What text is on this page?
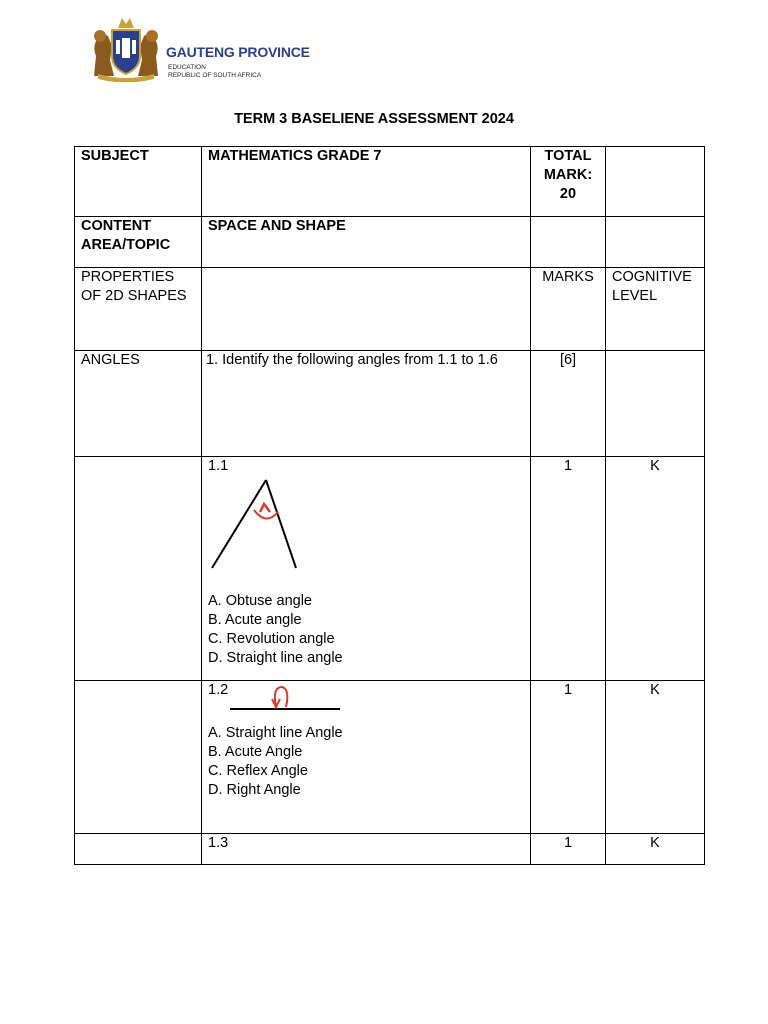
GAUTENG PROVINCE
EDUCATION
REPUBLIC OF SOUTH AFRICA
TERM 3 BASELIENE ASSESSMENT 2024
SUBJECT	MATHEMATICS GRADE 7	TOTAL
MARK:
20	

CONTENT
AREA/TOPIC	SPACE AND SHAPE		

PROPERTIES
OF 2D SHAPES		MARKS	COGNITIVE
LEVEL

ANGLES	1. Identify the following angles from 1.1 to 1.6	[6]	

	1.1
A. Obtuse angle
B. Acute angle
C. Revolution angle
D. Straight line angle	1	K

	1.2
A. Straight line Angle
B. Acute Angle
C. Reflex Angle
D. Right Angle	1	K
	1.3	1	K
